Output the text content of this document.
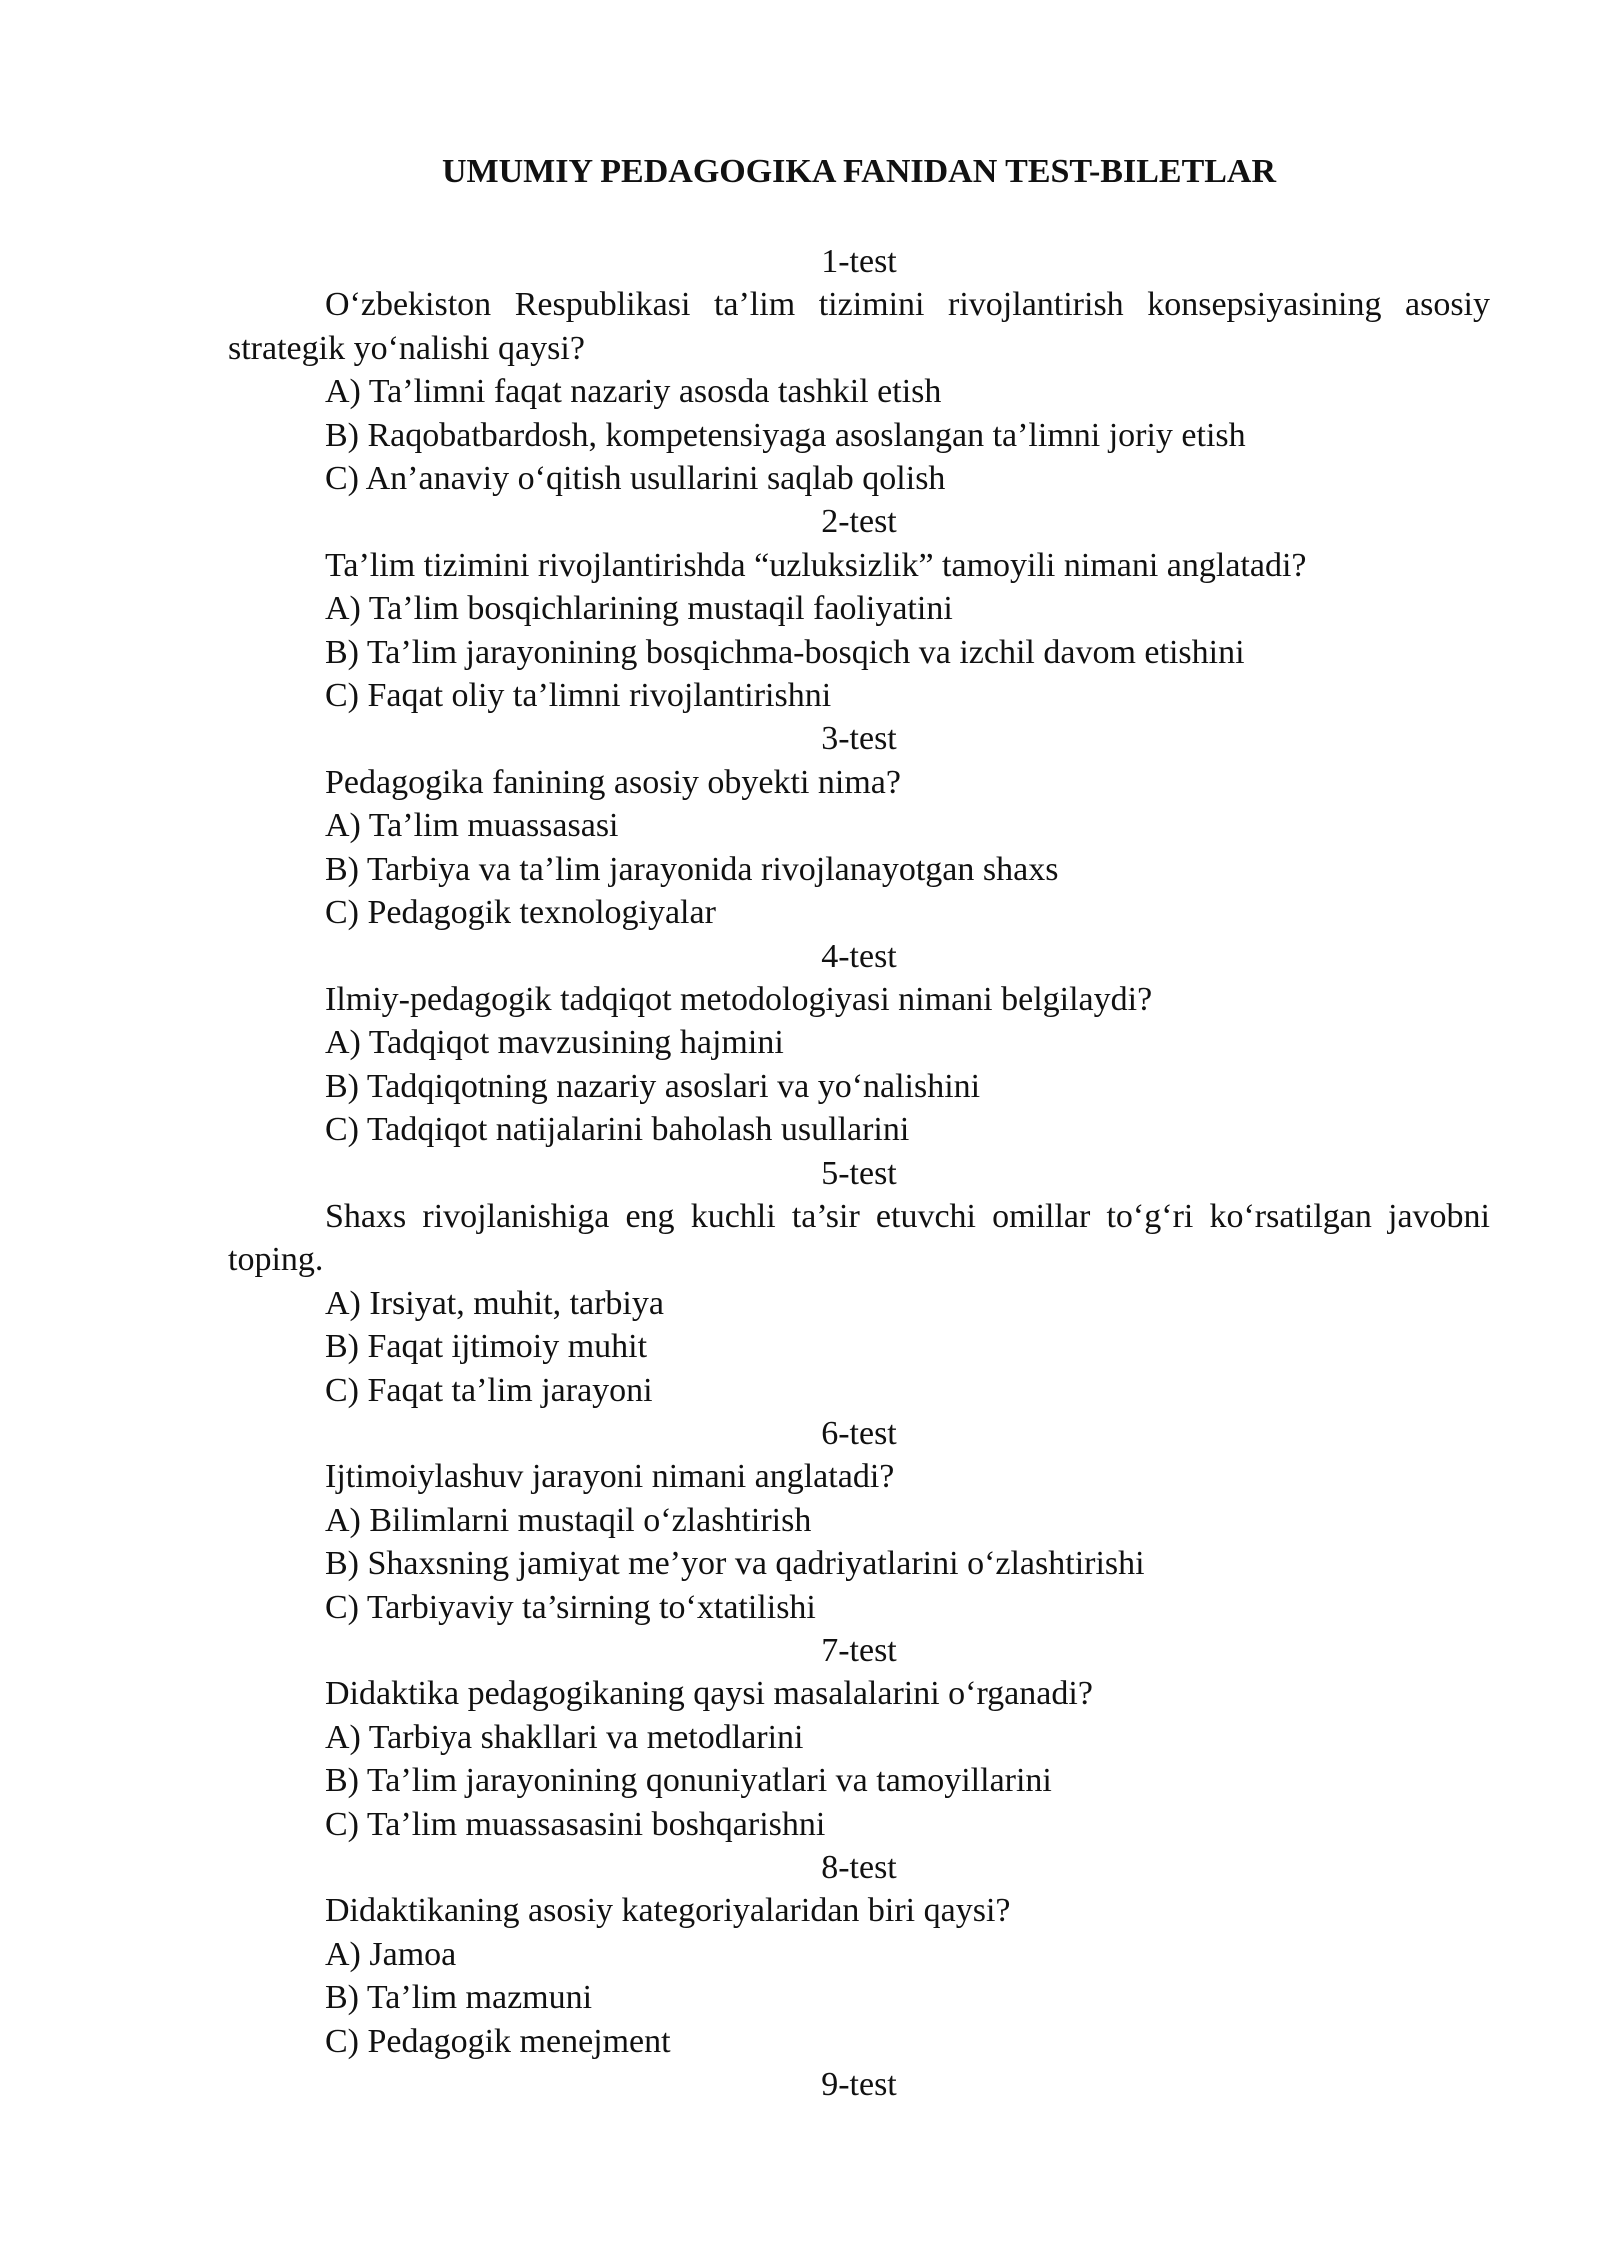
UMUMIY PEDAGOGIKA FANIDAN TEST-BILETLAR
1-test
O‘zbekiston Respublikasi ta’lim tizimini rivojlantirish konsepsiyasining asosiy strategik yo‘nalishi qaysi?
A) Ta’limni faqat nazariy asosda tashkil etish
B) Raqobatbardosh, kompetensiyaga asoslangan ta’limni joriy etish
C) An’anaviy o‘qitish usullarini saqlab qolish
2-test
Ta’lim tizimini rivojlantirishda “uzluksizlik” tamoyili nimani anglatadi?
A) Ta’lim bosqichlarining mustaqil faoliyatini
B) Ta’lim jarayonining bosqichma-bosqich va izchil davom etishini
C) Faqat oliy ta’limni rivojlantirishni
3-test
Pedagogika fanining asosiy obyekti nima?
A) Ta’lim muassasasi
B) Tarbiya va ta’lim jarayonida rivojlanayotgan shaxs
C) Pedagogik texnologiyalar
4-test
Ilmiy-pedagogik tadqiqot metodologiyasi nimani belgilaydi?
A) Tadqiqot mavzusining hajmini
B) Tadqiqotning nazariy asoslari va yo‘nalishini
C) Tadqiqot natijalarini baholash usullarini
5-test
Shaxs rivojlanishiga eng kuchli ta’sir etuvchi omillar to‘g‘ri ko‘rsatilgan javobni toping.
A) Irsiyat, muhit, tarbiya
B) Faqat ijtimoiy muhit
C) Faqat ta’lim jarayoni
6-test
Ijtimoiylashuv jarayoni nimani anglatadi?
A) Bilimlarni mustaqil o‘zlashtirish
B) Shaxsning jamiyat me’yor va qadriyatlarini o‘zlashtirishi
C) Tarbiyaviy ta’sirning to‘xtatilishi
7-test
Didaktika pedagogikaning qaysi masalalarini o‘rganadi?
A) Tarbiya shakllari va metodlarini
B) Ta’lim jarayonining qonuniyatlari va tamoyillarini
C) Ta’lim muassasasini boshqarishni
8-test
Didaktikaning asosiy kategoriyalaridan biri qaysi?
A) Jamoa
B) Ta’lim mazmuni
C) Pedagogik menejment
9-test
